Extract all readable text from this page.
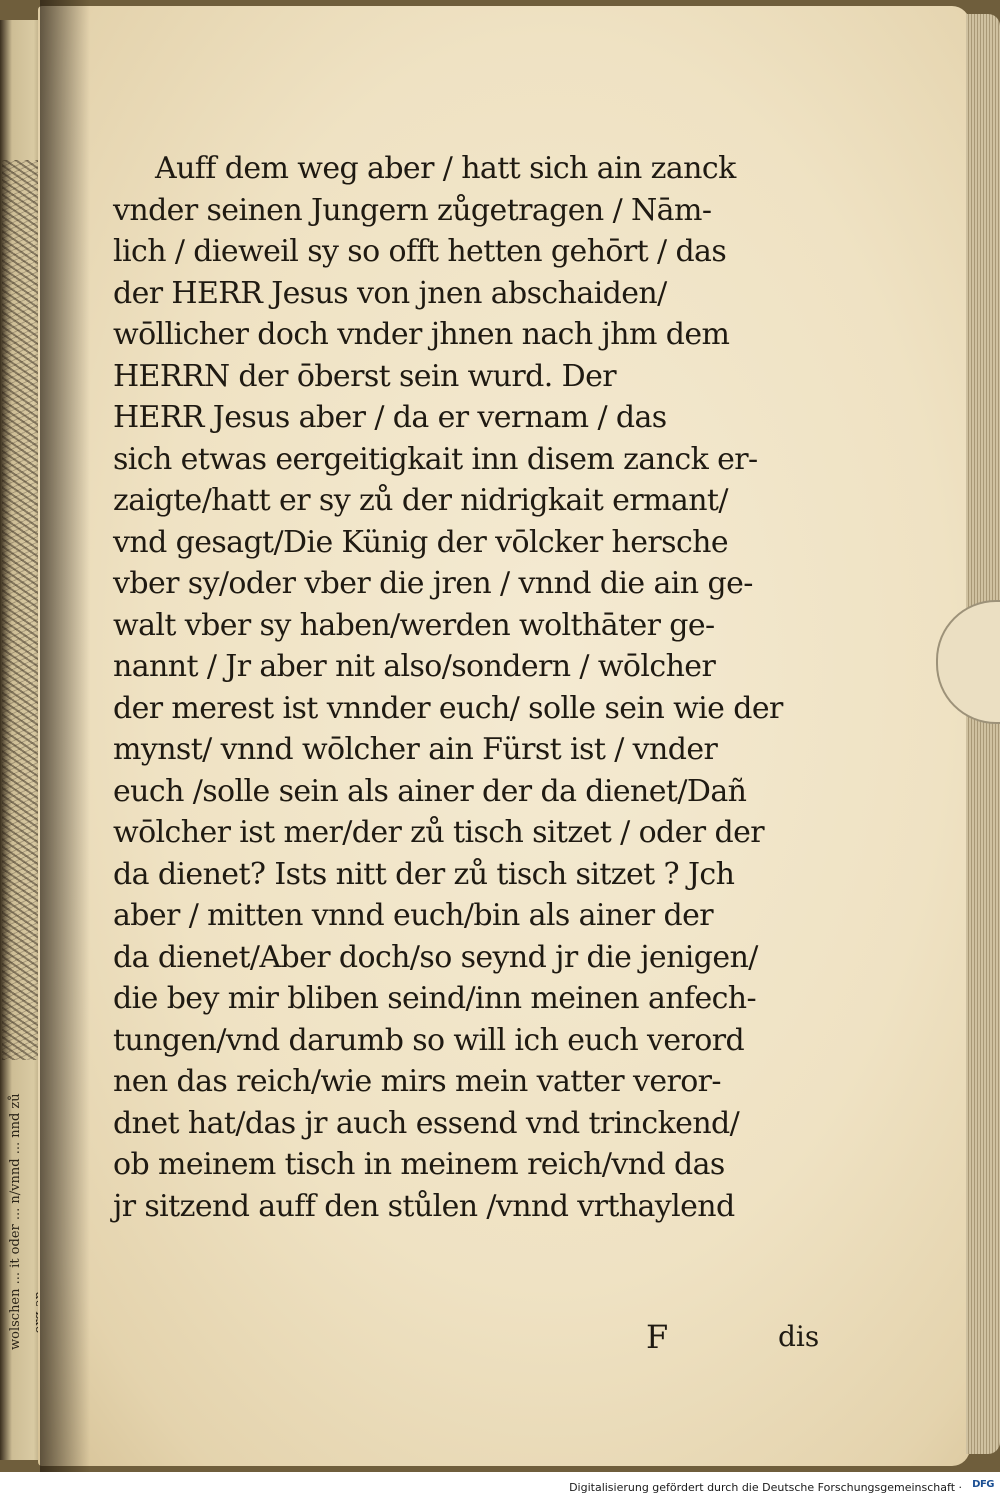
wolschen ... it oder ... n/vnnd ... nnd zů
Auff dem weg aber / hatt sich ain zanck
vnder seinen Jungern zůgetragen / Nām-
lich / dieweil sy so offt hetten gehōrt / das
der HERR Jesus von jnen abschaiden/
wōllicher doch vnder jhnen nach jhm dem
HERRN der ōberst sein wurd. Der
HERR Jesus aber / da er vernam / das
sich etwas eergeitigkait inn disem zanck er-
zaigte/hatt er sy zů der nidrigkait ermant/
vnd gesagt/Die Künig der vōlcker hersche
vber sy/oder vber die jren / vnnd die ain ge-
walt vber sy haben/werden wolthāter ge-
nannt / Jr aber nit also/sondern / wōlcher
der merest ist vnnder euch/ solle sein wie der
mynst/ vnnd wōlcher ain Fürst ist / vnder
euch /solle sein als ainer der da dienet/Dañ
wōlcher ist mer/der zů tisch sitzet / oder der
da dienet? Ists nitt der zů tisch sitzet ? Jch
aber / mitten vnnd euch/bin als ainer der
da dienet/Aber doch/so seynd jr die jenigen/
die bey mir bliben seind/inn meinen anfech-
tungen/vnd darumb so will ich euch verord
nen das reich/wie mirs mein vatter veror-
dnet hat/das jr auch essend vnd trinckend/
ob meinem tisch in meinem reich/vnd das
jr sitzend auff den stůlen /vnnd vrthaylend
F	dis
Digitalisierung gefördert durch die Deutsche Forschungsgemeinschaft · DFG
